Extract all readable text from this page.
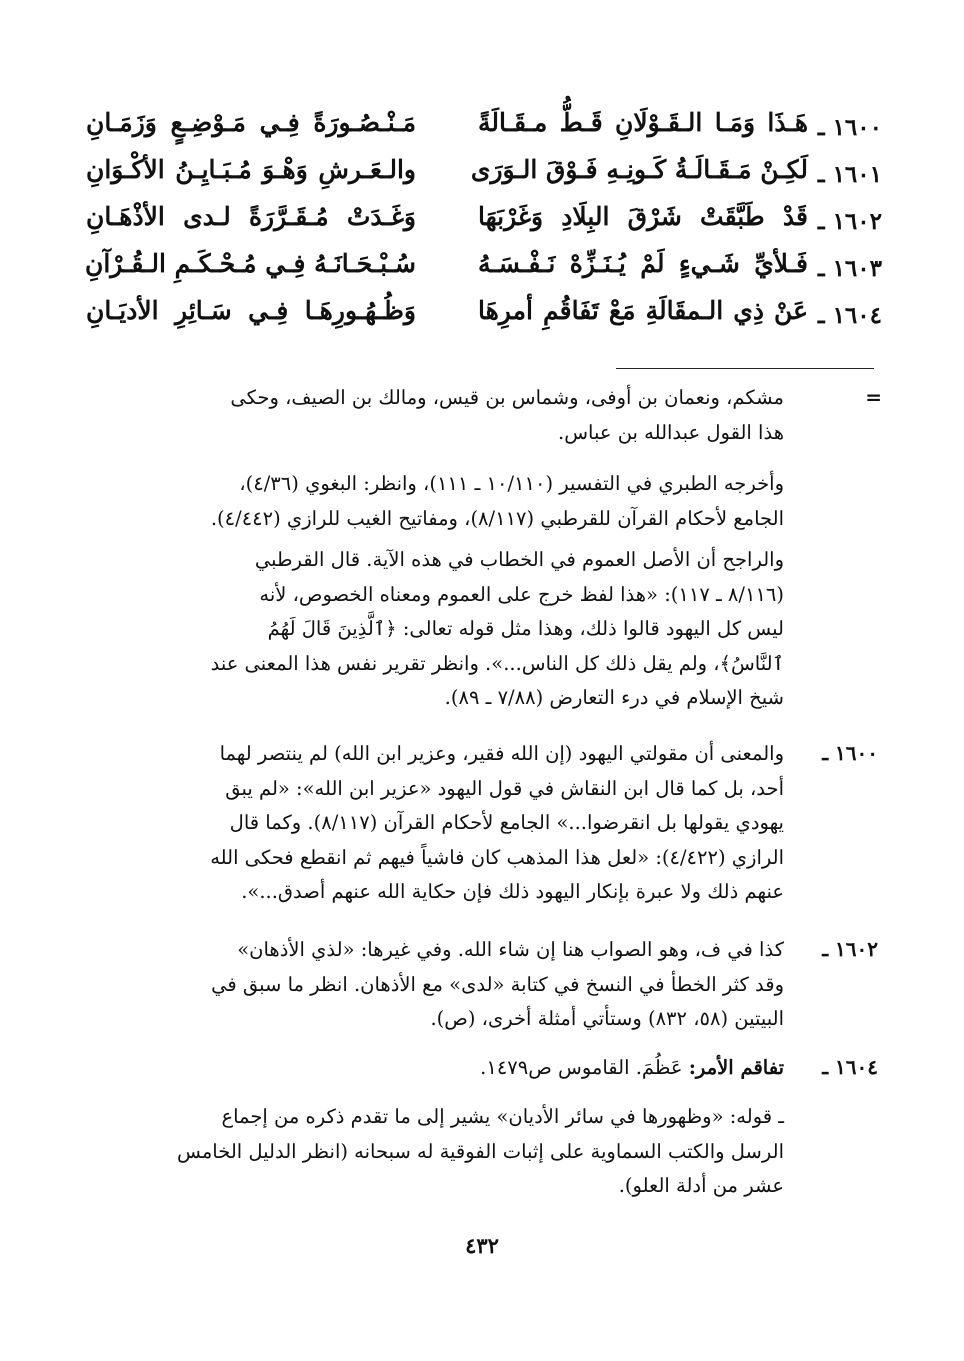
١٦٠٠ ـ
هَـذَا وَمَـا الـقَـوْلَانِ قَـطُّ مـقَـالَةً
مَـنْـصُـورَةً فِـي مَـوْضِـعٍ وَزَمَـانِ
١٦٠١ ـ
لَكِـنْ مَـقَـالَـةُ كَـونِـهِ فَـوْقَ الـوَرَى
والـعَـرشِ وَهْـوَ مُـبَـايِـنُ الأكْـوَانِ
١٦٠٢ ـ
قَدْ طَبَّقَتْ شَرْقَ البِلَادِ وَغَرْبَهَا
وَغَـدَتْ مُـقَـرَّرَةً لـدى الأذْهَـانِ
١٦٠٣ ـ
فَـلأيِّ شَـيءٍ لَمْ يُـنَـزِّهْ نَـفْـسَـهُ
سُـبْـحَـانَـهُ فِـي مُـحْـكَـمِ الـقُـرْآنِ
١٦٠٤ ـ
عَنْ ذِي الـمقَالَةِ مَعْ تَفَاقُمِ أمرِهَا
وَظُـهُـورِهَـا فِـي سَـائِرِ الأديَـانِ
=
مشكم، ونعمان بن أوفى، وشماس بن قيس، ومالك بن الصيف، وحكى
هذا القول عبدالله بن عباس.
وأخرجه الطبري في التفسير (١٠/١١٠ ـ ١١١)، وانظر: البغوي (٤/٣٦)،
الجامع لأحكام القرآن للقرطبي (٨/١١٧)، ومفاتيح الغيب للرازي (٤/٤٤٢).
والراجح أن الأصل العموم في الخطاب في هذه الآية. قال القرطبي
(٨/١١٦ ـ ١١٧): «هذا لفظ خرج على العموم ومعناه الخصوص، لأنه
ليس كل اليهود قالوا ذلك، وهذا مثل قوله تعالى: ﴿ٱلَّذِينَ قَالَ لَهُمُ
ٱلنَّاسُ﴾، ولم يقل ذلك كل الناس...». وانظر تقرير نفس هذا المعنى عند
شيخ الإسلام في درء التعارض (٧/٨٨ ـ ٨٩).
١٦٠٠ ـ
والمعنى أن مقولتي اليهود (إن الله فقير، وعزير ابن الله) لم ينتصر لهما
أحد، بل كما قال ابن النقاش في قول اليهود «عزير ابن الله»: «لم يبق
يهودي يقولها بل انقرضوا...» الجامع لأحكام القرآن (٨/١١٧). وكما قال
الرازي (٤/٤٢٢): «لعل هذا المذهب كان فاشياً فيهم ثم انقطع فحكى الله
عنهم ذلك ولا عبرة بإنكار اليهود ذلك فإن حكاية الله عنهم أصدق...».
١٦٠٢ ـ
كذا في ف، وهو الصواب هنا إن شاء الله. وفي غيرها: «لذي الأذهان»
وقد كثر الخطأ في النسخ في كتابة «لدى» مع الأذهان. انظر ما سبق في
البيتين (٥٨، ٨٣٢) وستأتي أمثلة أخرى، (ص).
١٦٠٤ ـ
تفاقم الأمر: عَظُمَ. القاموس ص١٤٧٩.
ـ قوله: «وظهورها في سائر الأديان» يشير إلى ما تقدم ذكره من إجماع
الرسل والكتب السماوية على إثبات الفوقية له سبحانه (انظر الدليل الخامس
عشر من أدلة العلو).
٤٣٢
